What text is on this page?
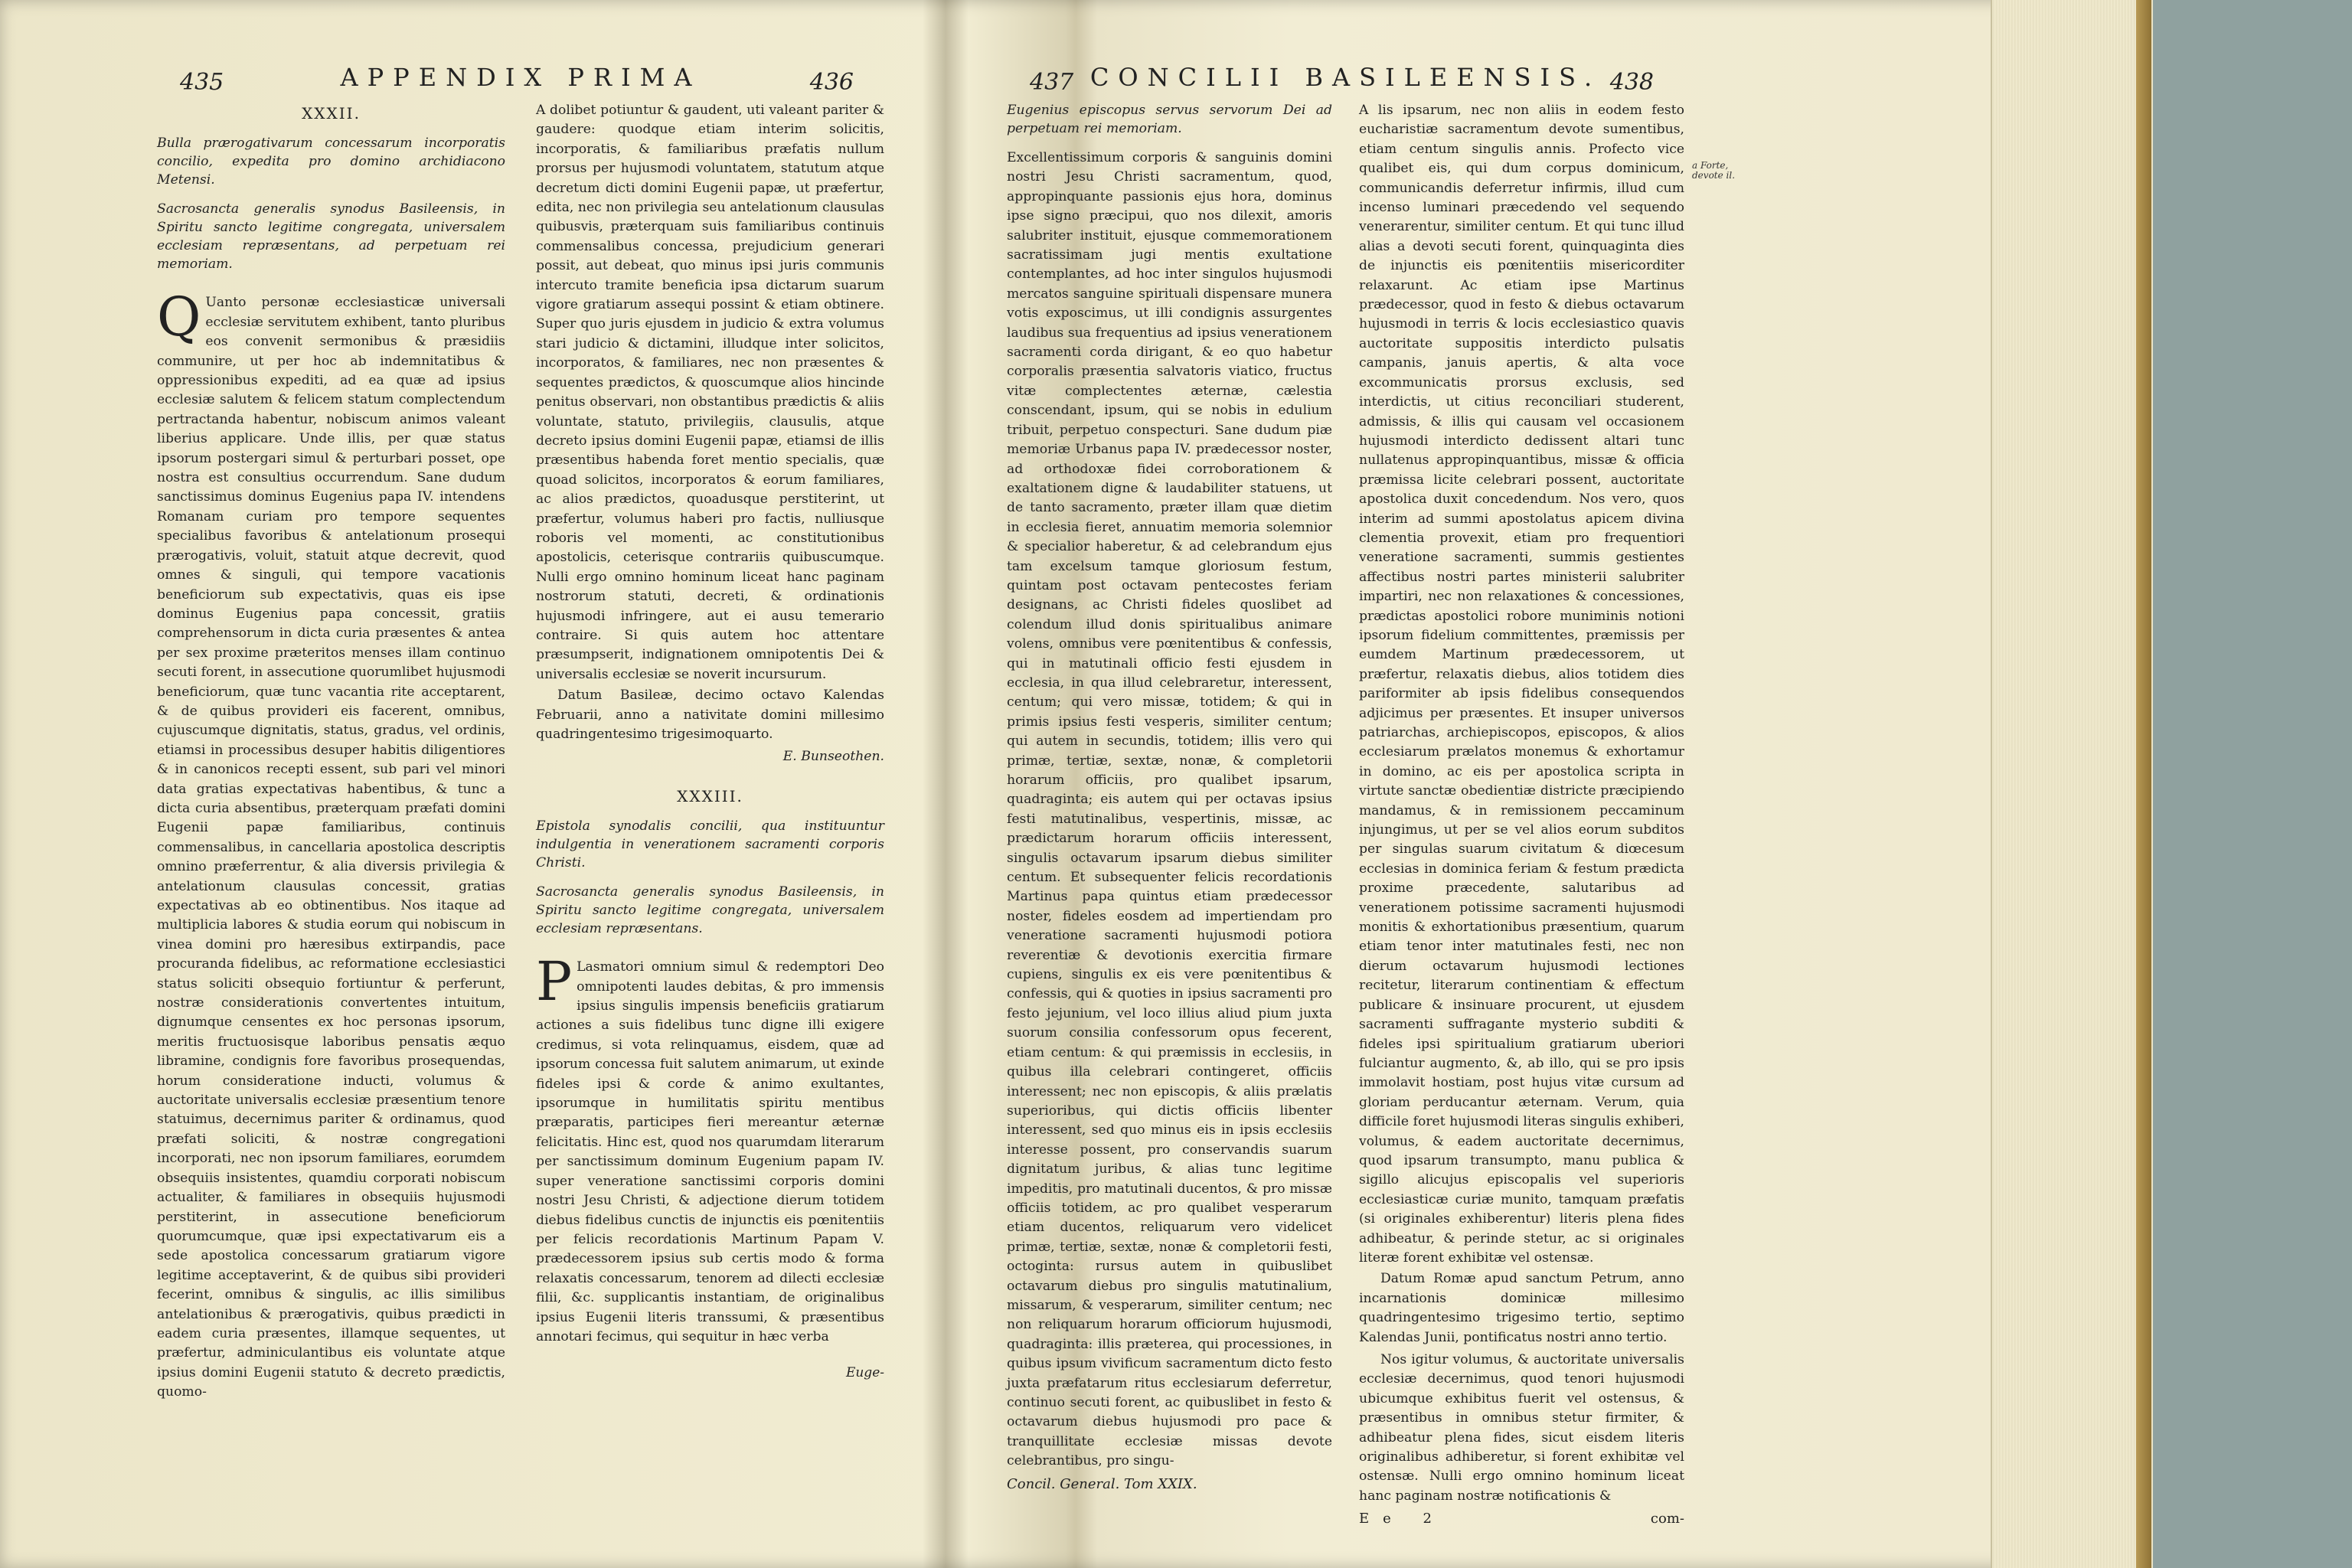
435	APPENDIX PRIMA	436
XXXII.

Bulla prærogativarum concessarum incorporatis concilio, expedita pro domino archidiacono Metensi.

Sacrosancta generalis synodus Basileensis, in Spiritu sancto legitime congregata, universalem ecclesiam repræsentans, ad perpetuam rei memoriam.

Q Uanto personæ ecclesiasticæ universali ecclesiæ servitutem exhibent, tanto pluribus eos convenit sermonibus & præsidiis communire, ut per hoc ab indemnitatibus & oppressionibus expediti, ad ea quæ ad ipsius ecclesiæ salutem & felicem statum complectendum pertractanda habentur, nobiscum animos valeant liberius applicare. Unde illis, per quæ status ipsorum postergari simul & perturbari posset, ope nostra est consultius occurrendum. Sane dudum sanctissimus dominus Eugenius papa IV. intendens Romanam curiam pro tempore sequentes specialibus favoribus & antelationum prosequi prærogativis, voluit, statuit atque decrevit, quod omnes & singuli, qui tempore vacationis beneficiorum sub expectativis, quas eis ipse dominus Eugenius papa concessit, gratiis comprehensorum in dicta curia præsentes & antea per sex proxime præteritos menses illam continuo secuti forent, in assecutione quorumlibet hujusmodi beneficiorum, quæ tunc vacantia rite acceptarent, & de quibus provideri eis facerent, omnibus, cujuscumque dignitatis, status, gradus, vel ordinis, etiamsi in processibus desuper habitis diligentiores & in canonicos recepti essent, sub pari vel minori data gratias expectativas habentibus, & tunc a dicta curia absentibus, præterquam præfati domini Eugenii papæ familiaribus, continuis commensalibus, in cancellaria apostolica descriptis omnino præferrentur, & alia diversis privilegia & antelationum clausulas concessit, gratias expectativas ab eo obtinentibus. Nos itaque ad multiplicia labores & studia eorum qui nobiscum in vinea domini pro hæresibus extirpandis, pace procuranda fidelibus, ac reformatione ecclesiastici status soliciti obsequio fortiuntur & perferunt, nostræ considerationis convertentes intuitum, dignumque censentes ex hoc personas ipsorum, meritis fructuosisque laboribus pensatis æquo libramine, condignis fore favoribus prosequendas, horum consideratione inducti, volumus & auctoritate universalis ecclesiæ præsentium tenore statuimus, decernimus pariter & ordinamus, quod præfati soliciti, & nostræ congregationi incorporati, nec non ipsorum familiares, eorumdem obsequiis insistentes, quamdiu corporati nobiscum actualiter, & familiares in obsequiis hujusmodi perstiterint, in assecutione beneficiorum quorumcumque, quæ ipsi expectativarum eis a sede apostolica concessarum gratiarum vigore legitime acceptaverint, & de quibus sibi provideri fecerint, omnibus & singulis, ac illis similibus antelationibus & prærogativis, quibus prædicti in eadem curia præsentes, illamque sequentes, ut præfertur, adminiculantibus eis voluntate atque ipsius domini Eugenii statuto & decreto prædictis, quomo-

A dolibet potiuntur & gaudent, uti valeant pariter & gaudere: quodque etiam interim solicitis, incorporatis, & familiaribus præfatis nullum prorsus per hujusmodi voluntatem, statutum atque decretum dicti domini Eugenii papæ, ut præfertur, edita, nec non privilegia seu antelationum clausulas quibusvis, præterquam suis familiaribus continuis commensalibus concessa, prejudicium generari possit, aut debeat, quo minus ipsi juris communis intercuto tramite beneficia ipsa dictarum suarum vigore gratiarum assequi possint & etiam obtinere. Super quo juris ejusdem in judicio & extra volumus stari judicio & dictamini, illudque inter solicitos, incorporatos, & familiares, nec non præsentes & sequentes prædictos, & quoscumque alios hincinde penitus observari, non obstantibus prædictis & aliis voluntate, statuto, privilegiis, clausulis, atque decreto ipsius domini Eugenii papæ, etiamsi de illis præsentibus habenda foret mentio specialis, quæ quoad solicitos, incorporatos & eorum familiares, ac alios prædictos, quoadusque perstiterint, ut præfertur, volumus haberi pro factis, nulliusque roboris vel momenti, ac constitutionibus apostolicis, ceterisque contrariis quibuscumque. Nulli ergo omnino hominum liceat hanc paginam nostrorum statuti, decreti, & ordinationis hujusmodi infringere, aut ei ausu temerario contraire. Si quis autem hoc attentare præsumpserit, indignationem omnipotentis Dei & universalis ecclesiæ se noverit incursurum.

Datum Basileæ, decimo octavo Kalendas Februarii, anno a nativitate domini millesimo quadringentesimo trigesimoquarto.

E. Bunseothen.
XXXIII.

Epistola synodalis concilii, qua instituuntur indulgentia in venerationem sacramenti corporis Christi.

Sacrosancta generalis synodus Basileensis, in Spiritu sancto legitime congregata, universalem ecclesiam repræsentans.

P Lasmatori omnium simul & redemptori Deo omnipotenti laudes debitas, & pro immensis ipsius singulis impensis beneficiis gratiarum actiones a suis fidelibus tunc digne illi exigere credimus, si vota relinquamus, eisdem, quæ ad ipsorum concessa fuit salutem animarum, ut exinde fideles ipsi & corde & animo exultantes, ipsorumque in humilitatis spiritu mentibus præparatis, participes fieri mereantur æternæ felicitatis. Hinc est, quod nos quarumdam literarum per sanctissimum dominum Eugenium papam IV. super veneratione sanctissimi corporis domini nostri Jesu Christi, & adjectione dierum totidem diebus fidelibus cunctis de injunctis eis pœnitentiis per felicis recordationis Martinum Papam V. prædecessorem ipsius sub certis modo & forma relaxatis concessarum, tenorem ad dilecti ecclesiæ filii, &c. supplicantis instantiam, de originalibus ipsius Eugenii literis transsumi, & præsentibus annotari fecimus, qui sequitur in hæc verba
Euge-
437 CONCILII BASILEENSIS. 438

Eugenius episcopus servus servorum Dei ad perpetuam rei memoriam.

Excellentissimum corporis & sanguinis domini nostri Jesu Christi sacramentum, quod, appropinquante passionis ejus hora, dominus ipse signo præcipui, quo nos dilexit, amoris salubriter instituit, ejusque commemorationem sacratissimam jugi mentis exultatione contemplantes, ad hoc inter singulos hujusmodi mercatos sanguine spirituali dispensare munera votis exposcimus, ut illi condignis assurgentes laudibus sua frequentius ad ipsius venerationem sacramenti corda dirigant, & eo quo habetur corporalis præsentia salvatoris viatico, fructus vitæ complectentes æternæ, cælestia conscendant, ipsum, qui se nobis in edulium tribuit, perpetuo conspecturi. Sane dudum piæ memoriæ Urbanus papa IV. prædecessor noster, ad orthodoxæ fidei corroborationem & exaltationem digne & laudabiliter statuens, ut de tanto sacramento, præter illam quæ dietim in ecclesia fieret, annuatim memoria solemnior & specialior haberetur, & ad celebrandum ejus tam excelsum tamque gloriosum festum, quintam post octavam pentecostes feriam designans, ac Christi fideles quoslibet ad colendum illud donis spiritualibus animare volens, omnibus vere pœnitentibus & confessis, qui in matutinali officio festi ejusdem in ecclesia, in qua illud celebraretur, interessent, centum; qui vero missæ, totidem; & qui in primis ipsius festi vesperis, similiter centum; qui autem in secundis, totidem; illis vero qui primæ, tertiæ, sextæ, nonæ, & completorii horarum officiis, pro qualibet ipsarum, quadraginta; eis autem qui per octavas ipsius festi matutinalibus, vespertinis, missæ, ac prædictarum horarum officiis interessent, singulis octavarum ipsarum diebus similiter centum. Et subsequenter felicis recordationis Martinus papa quintus etiam prædecessor noster, fideles eosdem ad impertiendam pro veneratione sacramenti hujusmodi potiora reverentiæ & devotionis exercitia firmare cupiens, singulis ex eis vere pœnitentibus & confessis, qui & quoties in ipsius sacramenti pro festo jejunium, vel loco illius aliud pium juxta suorum consilia confessorum opus fecerent, etiam centum: & qui præmissis in ecclesiis, in quibus illa celebrari contingeret, officiis interessent; nec non episcopis, & aliis prælatis superioribus, qui dictis officiis libenter interessent, sed quo minus eis in ipsis ecclesiis interesse possent, pro conservandis suarum dignitatum juribus, & alias tunc legitime impeditis, pro matutinali ducentos, & pro missæ officiis totidem, ac pro qualibet vesperarum etiam ducentos, reliquarum vero videlicet primæ, tertiæ, sextæ, nonæ & completorii festi, octoginta: rursus autem in quibuslibet octavarum diebus pro singulis matutinalium, missarum, & vesperarum, similiter centum; nec non reliquarum horarum officiorum hujusmodi, quadraginta: illis præterea, qui processiones, in quibus ipsum vivificum sacramentum dicto festo juxta præfatarum ritus ecclesiarum deferretur, continuo secuti forent, ac quibuslibet in festo & octavarum diebus hujusmodi pro pace & tranquillitate ecclesiæ missas devote celebrantibus, pro singu-

Concil. General. Tom XXIX.

A lis ipsarum, nec non aliis in eodem festo eucharistiæ sacramentum devote sumentibus, etiam centum singulis annis. Profecto vice qualibet eis, qui dum corpus dominicum, communicandis deferretur infirmis, illud cum incenso luminari præcedendo vel sequendo venerarentur, similiter centum. Et qui tunc illud alias a devoti secuti forent, quinquaginta dies de injunctis eis pœnitentiis misericorditer relaxarunt. Ac etiam ipse Martinus prædecessor, quod in festo & diebus octavarum hujusmodi in terris & locis ecclesiastico quavis auctoritate suppositis interdicto pulsatis campanis, januis apertis, & alta voce excommunicatis prorsus exclusis, sed interdictis, ut citius reconciliari studerent, admissis, & illis qui causam vel occasionem hujusmodi interdicto dedissent altari tunc nullatenus appropinquantibus, missæ & officia præmissa licite celebrari possent, auctoritate apostolica duxit concedendum. Nos vero, quos interim ad summi apostolatus apicem divina clementia provexit, etiam pro frequentiori veneratione sacramenti, summis gestientes affectibus nostri partes ministerii salubriter impartiri, nec non relaxationes & concessiones, prædictas apostolici robore muniminis notioni ipsorum fidelium committentes, præmissis per eumdem Martinum prædecessorem, ut præfertur, relaxatis diebus, alios totidem dies pariformiter ab ipsis fidelibus consequendos adjicimus per præsentes. Et insuper universos patriarchas, archiepiscopos, episcopos, & alios ecclesiarum prælatos monemus & exhortamur in domino, ac eis per apostolica scripta in virtute sanctæ obedientiæ districte præcipiendo mandamus, & in remissionem peccaminum injungimus, ut per se vel alios eorum subditos per singulas suarum civitatum & diœcesum ecclesias in dominica feriam & festum prædicta proxime præcedente, salutaribus ad venerationem potissime sacramenti hujusmodi monitis & exhortationibus præsentium, quarum etiam tenor inter matutinales festi, nec non dierum octavarum hujusmodi lectiones recitetur, literarum continentiam & effectum publicare & insinuare procurent, ut ejusdem sacramenti suffragante mysterio subditi & fideles ipsi spiritualium gratiarum uberiori fulciantur augmento, &, ab illo, qui se pro ipsis immolavit hostiam, post hujus vitæ cursum ad gloriam perducantur æternam. Verum, quia difficile foret hujusmodi literas singulis exhiberi, volumus, & eadem auctoritate decernimus, quod ipsarum transumpto, manu publica & sigillo alicujus episcopalis vel superioris ecclesiasticæ curiæ munito, tamquam præfatis (si originales exhiberentur) literis plena fides adhibeatur, & perinde stetur, ac si originales literæ forent exhibitæ vel ostensæ.

Datum Romæ apud sanctum Petrum, anno incarnationis dominicæ millesimo quadringentesimo trigesimo tertio, septimo Kalendas Junii, pontificatus nostri anno tertio.

Nos igitur volumus, & auctoritate universalis ecclesiæ decernimus, quod tenori hujusmodi ubicumque exhibitus fuerit vel ostensus, & præsentibus in omnibus stetur firmiter, & adhibeatur plena fides, sicut eisdem literis originalibus adhiberetur, si forent exhibitæ vel ostensæ. Nulli ergo omnino hominum liceat hanc paginam nostræ notificationis &

Ee 2	com-
a Forte, devote il.
